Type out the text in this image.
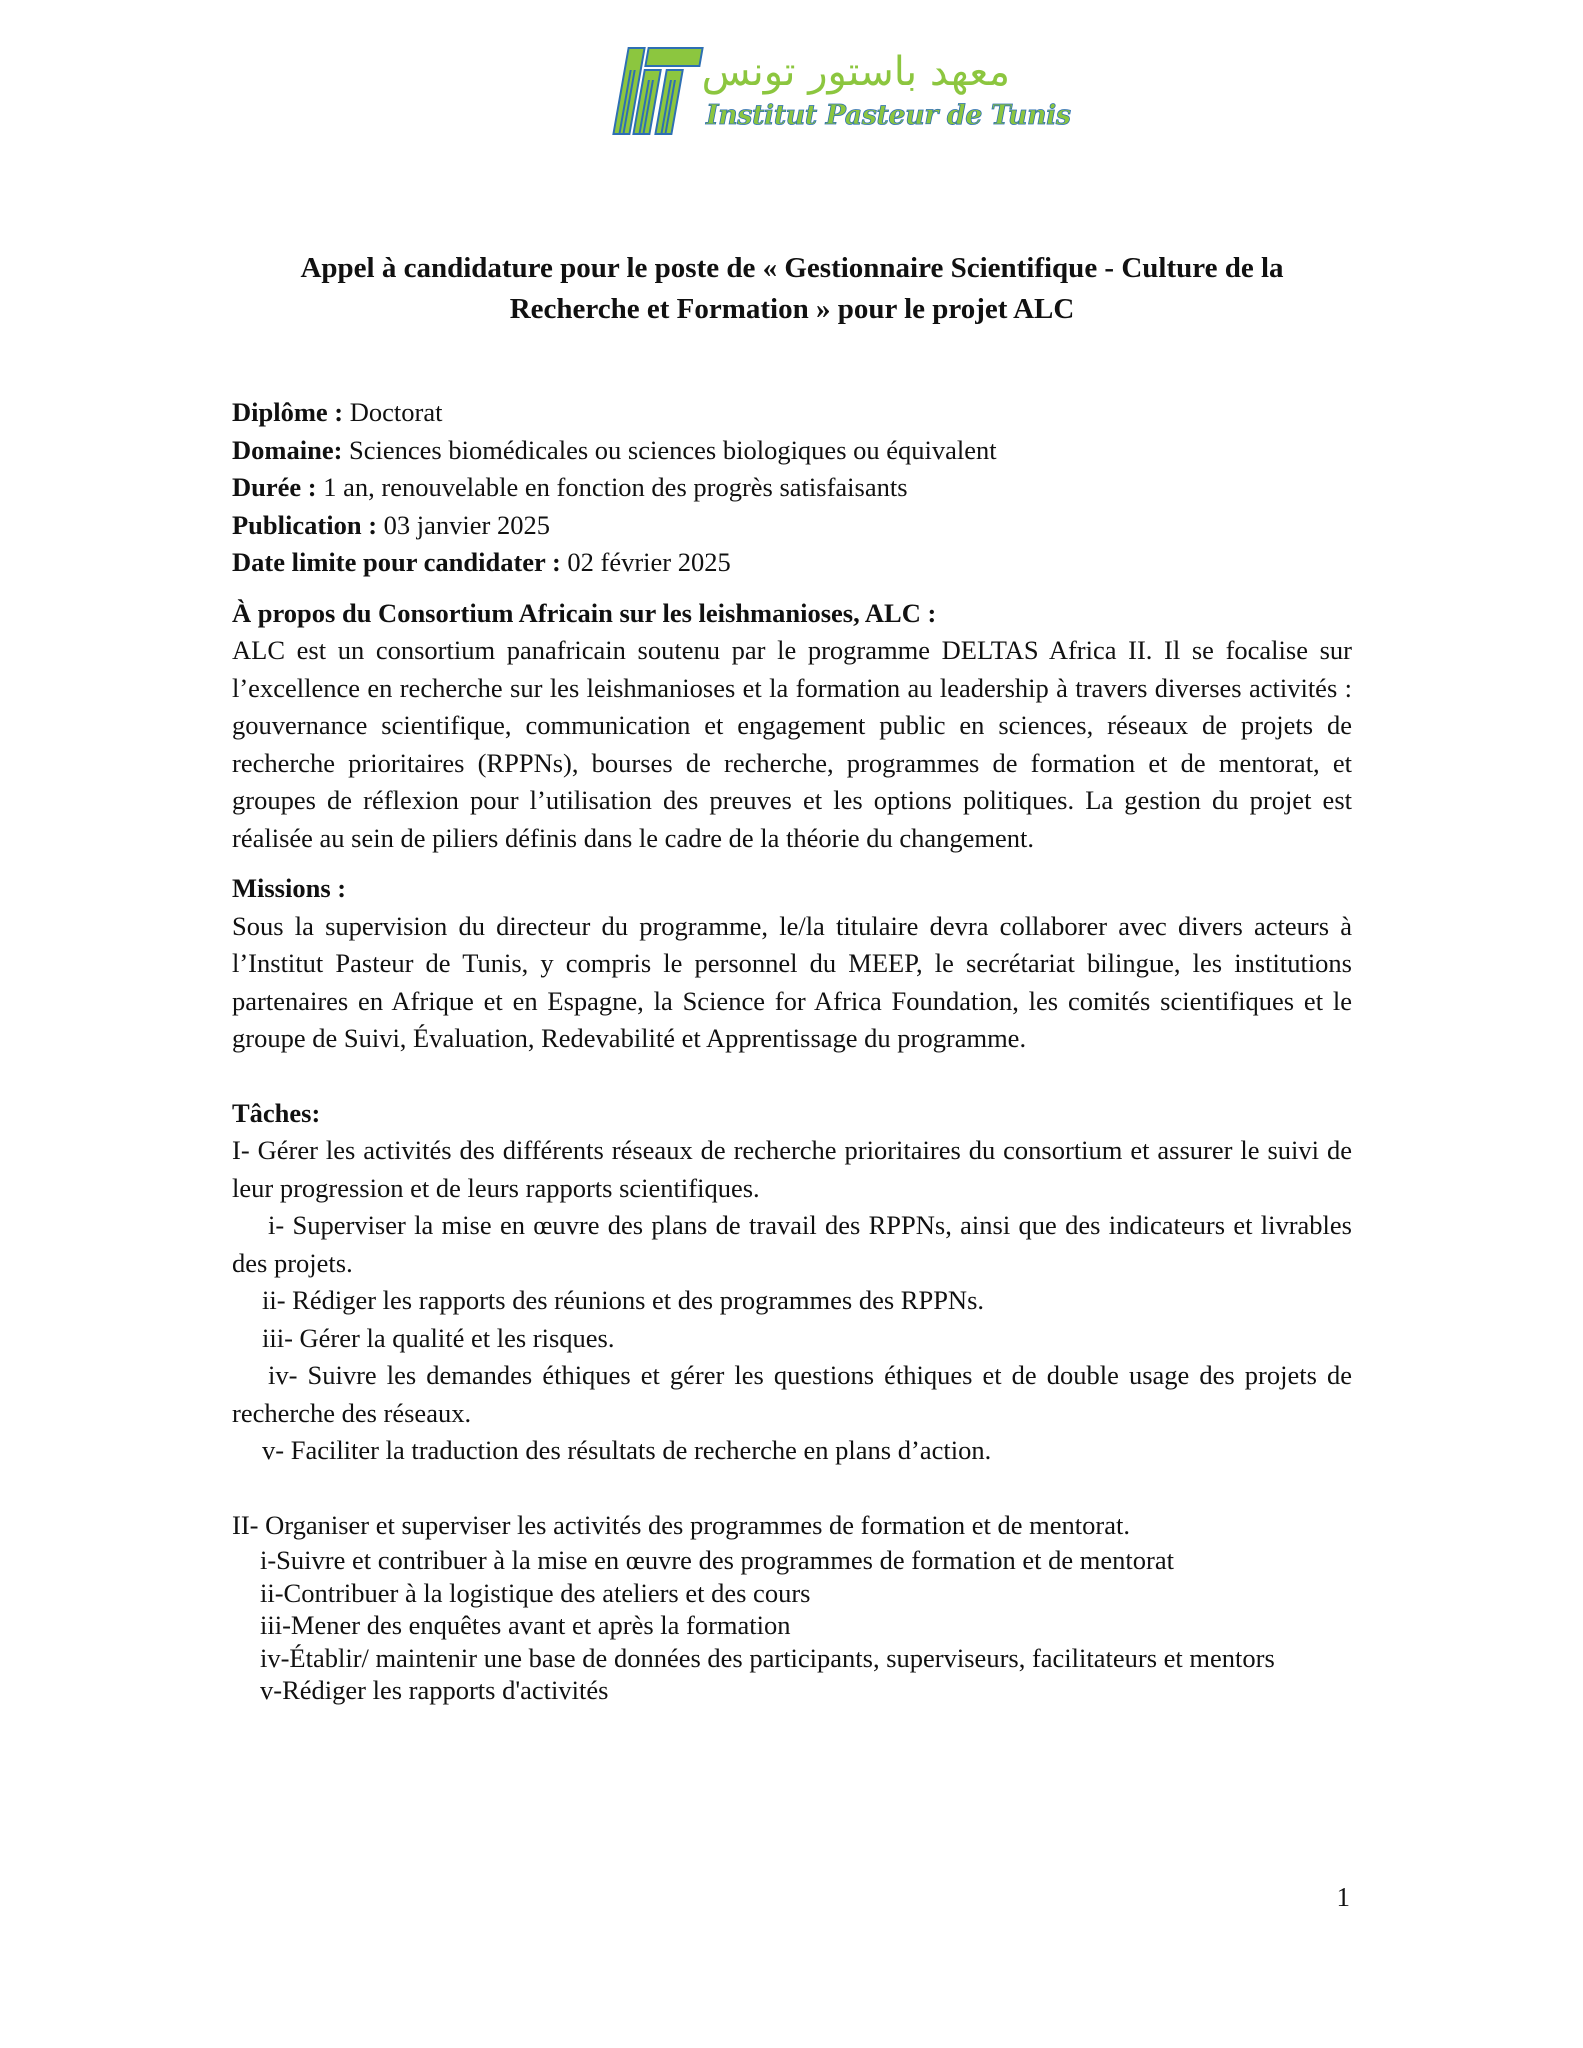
معهد باستور تونس
Institut Pasteur de Tunis
Appel à candidature pour le poste de « Gestionnaire Scientifique - Culture de la Recherche et Formation » pour le projet ALC

Diplôme : Doctorat

Domaine: Sciences biomédicales ou sciences biologiques ou équivalent

Durée : 1 an, renouvelable en fonction des progrès satisfaisants

Publication : 03 janvier 2025

Date limite pour candidater : 02 février 2025

À propos du Consortium Africain sur les leishmanioses, ALC :

ALC est un consortium panafricain soutenu par le programme DELTAS Africa II. Il se focalise sur l’excellence en recherche sur les leishmanioses et la formation au leadership à travers diverses activités : gouvernance scientifique, communication et engagement public en sciences, réseaux de projets de recherche prioritaires (RPPNs), bourses de recherche, programmes de formation et de mentorat, et groupes de réflexion pour l’utilisation des preuves et les options politiques. La gestion du projet est réalisée au sein de piliers définis dans le cadre de la théorie du changement.

Missions :

Sous la supervision du directeur du programme, le/la titulaire devra collaborer avec divers acteurs à l’Institut Pasteur de Tunis, y compris le personnel du MEEP, le secrétariat bilingue, les institutions partenaires en Afrique et en Espagne, la Science for Africa Foundation, les comités scientifiques et le groupe de Suivi, Évaluation, Redevabilité et Apprentissage du programme.

Tâches:

I- Gérer les activités des différents réseaux de recherche prioritaires du consortium et assurer le suivi de leur progression et de leurs rapports scientifiques.

i- Superviser la mise en œuvre des plans de travail des RPPNs, ainsi que des indicateurs et livrables des projets.

ii- Rédiger les rapports des réunions et des programmes des RPPNs.

iii- Gérer la qualité et les risques.

iv- Suivre les demandes éthiques et gérer les questions éthiques et de double usage des projets de recherche des réseaux.

v- Faciliter la traduction des résultats de recherche en plans d’action.

II- Organiser et superviser les activités des programmes de formation et de mentorat.

i-Suivre et contribuer à la mise en œuvre des programmes de formation et de mentorat

ii-Contribuer à la logistique des ateliers et des cours

iii-Mener des enquêtes avant et après la formation

iv-Établir/ maintenir une base de données des participants, superviseurs, facilitateurs et mentors

v-Rédiger les rapports d'activités

1
